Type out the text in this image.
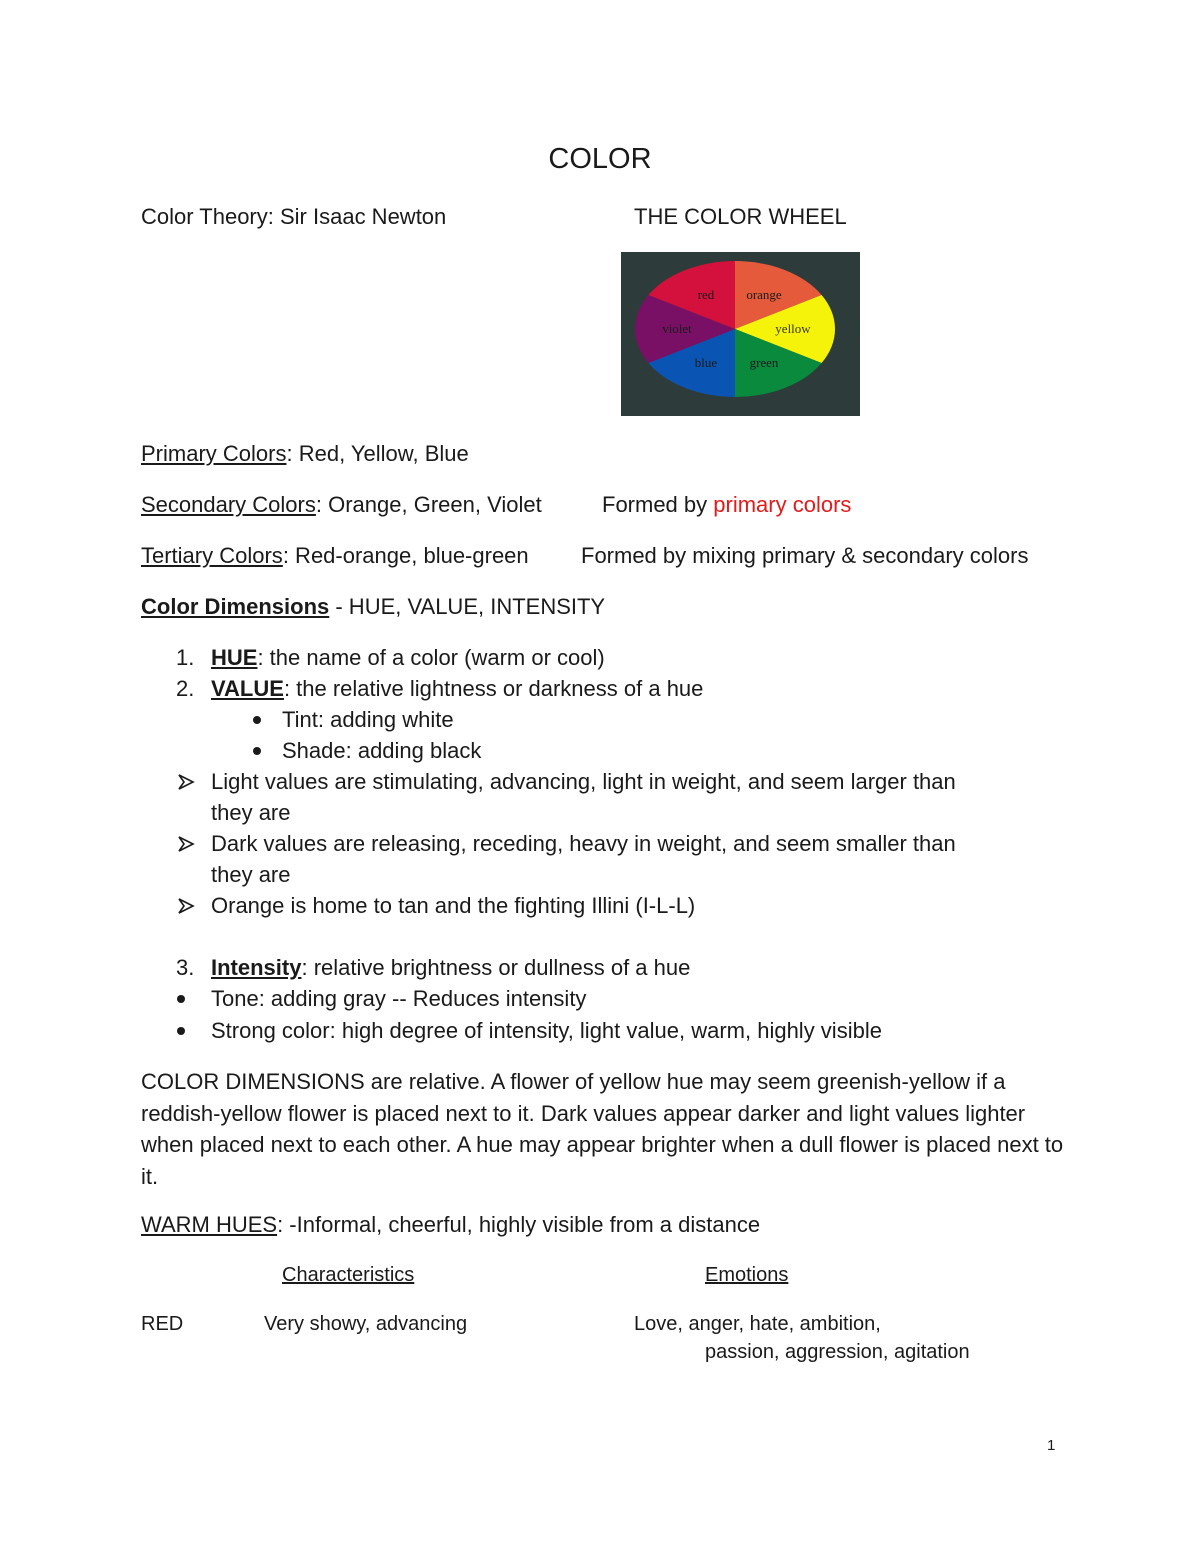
COLOR
Color Theory: Sir Isaac Newton	THE COLOR WHEEL
orange
yellow
green
blue
violet
red
Primary Colors: Red, Yellow, Blue
Secondary Colors: Orange, Green, Violet	Formed by primary colors
Tertiary Colors: Red-orange, blue-green Formed by mixing primary & secondary colors
Color Dimensions - HUE, VALUE, INTENSITY
1. HUE: the name of a color (warm or cool)
2. VALUE: the relative lightness or darkness of a hue
Tint: adding white
Shade: adding black
Light values are stimulating, advancing, light in weight, and seem larger than
they are
Dark values are releasing, receding, heavy in weight, and seem smaller than
they are
Orange is home to tan and the fighting Illini (I-L-L)
3. Intensity: relative brightness or dullness of a hue
Tone: adding gray -- Reduces intensity
Strong color: high degree of intensity, light value, warm, highly visible
COLOR DIMENSIONS are relative. A flower of yellow hue may seem greenish-yellow if a reddish-yellow flower is placed next to it. Dark values appear darker and light values lighter when placed next to each other. A hue may appear brighter when a dull flower is placed next to it.
WARM HUES: -Informal, cheerful, highly visible from a distance
Characteristics	Emotions
RED	Very showy, advancing	Love, anger, hate, ambition,
passion, aggression, agitation
1
